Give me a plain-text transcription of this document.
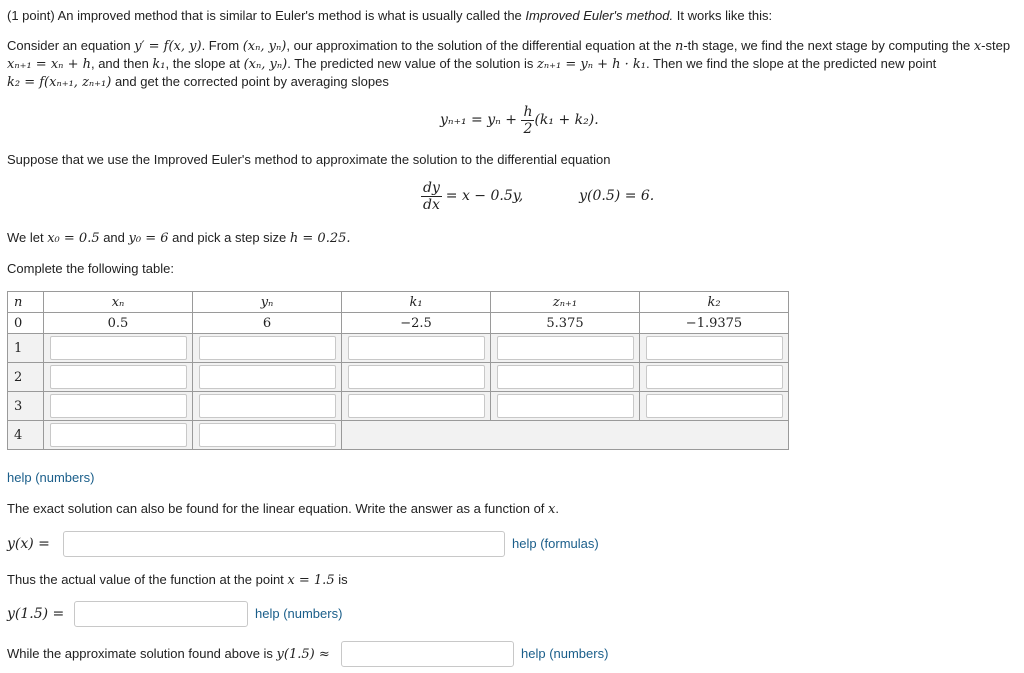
(1 point) An improved method that is similar to Euler's method is what is usually called the Improved Euler's method. It works like this:
Consider an equation y′ = f(x, y). From (xₙ, yₙ), our approximation to the solution of the differential equation at the n-th stage, we find the next stage by computing the x-step
xₙ₊₁ = xₙ + h, and then k₁, the slope at (xₙ, yₙ). The predicted new value of the solution is zₙ₊₁ = yₙ + h · k₁. Then we find the slope at the predicted new point
k₂ = f(xₙ₊₁, zₙ₊₁) and get the corrected point by averaging slopes
$y_{n+1} = y_n + \frac{h}{2} (k_1 + k_2)$.
Suppose that we use the Improved Euler's method to approximate the solution to the differential equation
$\frac{dy}{dx} = x - 0.5y$,	y(0.5) = 6.
We let x₀ = 0.5 and y₀ = 6 and pick a step size h = 0.25.
Complete the following table:
n	xₙ	yₙ	k₁	zₙ₊₁	k₂
0	0.5	6	−2.5	5.375	−1.9375
1	

2	

3	

4	

help (numbers)
The exact solution can also be found for the linear equation. Write the answer as a function of x.
y(x) =	help (formulas)
Thus the actual value of the function at the point x = 1.5 is
y(1.5) =	help (numbers)
While the approximate solution found above is y(1.5) ≈	help (numbers)
